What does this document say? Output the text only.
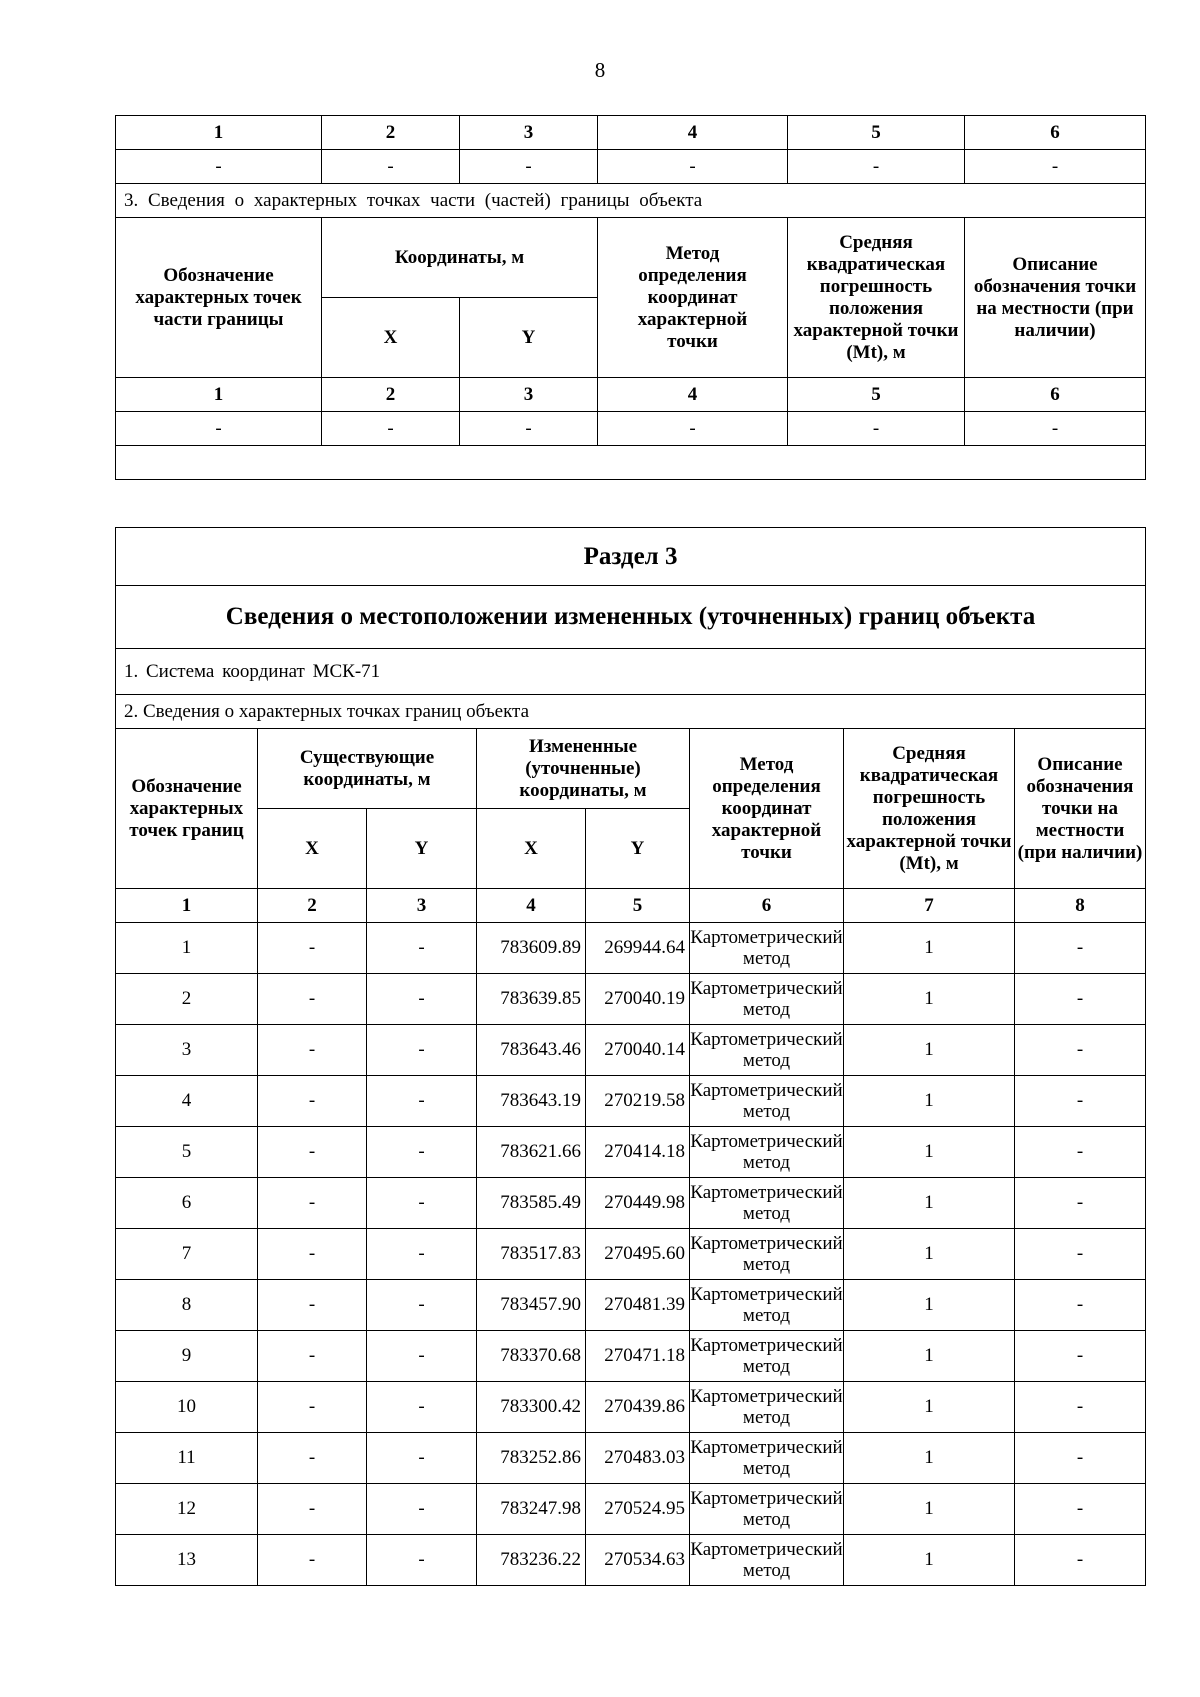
8
1	2	3	4	5	6
-	-	-	-	-	-
3. Сведения о характерных точках части (частей) границы объекта					
Обозначение характерных точек части границы	Координаты, м		Метод определения координат характерной точки	Средняя квадратическая погрешность положения характерной точки (Mt), м	Описание обозначения точки на местности (при наличии)
	X	Y			
1	2	3	4	5	6
-	-	-	-	-	-

Раздел 3							
Сведения о местоположении измененных (уточненных) границ объекта							
1. Система координат МСК-71							
2. Сведения о характерных точках границ объекта							
Обозначение характерных точек границ	Существующие координаты, м		Измененные (уточненные) координаты, м		Метод определения координат характерной точки	Средняя квадратическая погрешность положения характерной точки (Mt), м	Описание обозначения точки на местности (при наличии)
	X	Y	X	Y			
1	2	3	4	5	6	7	8
1	-	-	783609.89	269944.64	Картометрический метод	1	-
2	-	-	783639.85	270040.19	Картометрический метод	1	-
3	-	-	783643.46	270040.14	Картометрический метод	1	-
4	-	-	783643.19	270219.58	Картометрический метод	1	-
5	-	-	783621.66	270414.18	Картометрический метод	1	-
6	-	-	783585.49	270449.98	Картометрический метод	1	-
7	-	-	783517.83	270495.60	Картометрический метод	1	-
8	-	-	783457.90	270481.39	Картометрический метод	1	-
9	-	-	783370.68	270471.18	Картометрический метод	1	-
10	-	-	783300.42	270439.86	Картометрический метод	1	-
11	-	-	783252.86	270483.03	Картометрический метод	1	-
12	-	-	783247.98	270524.95	Картометрический метод	1	-
13	-	-	783236.22	270534.63	Картометрический метод	1	-
